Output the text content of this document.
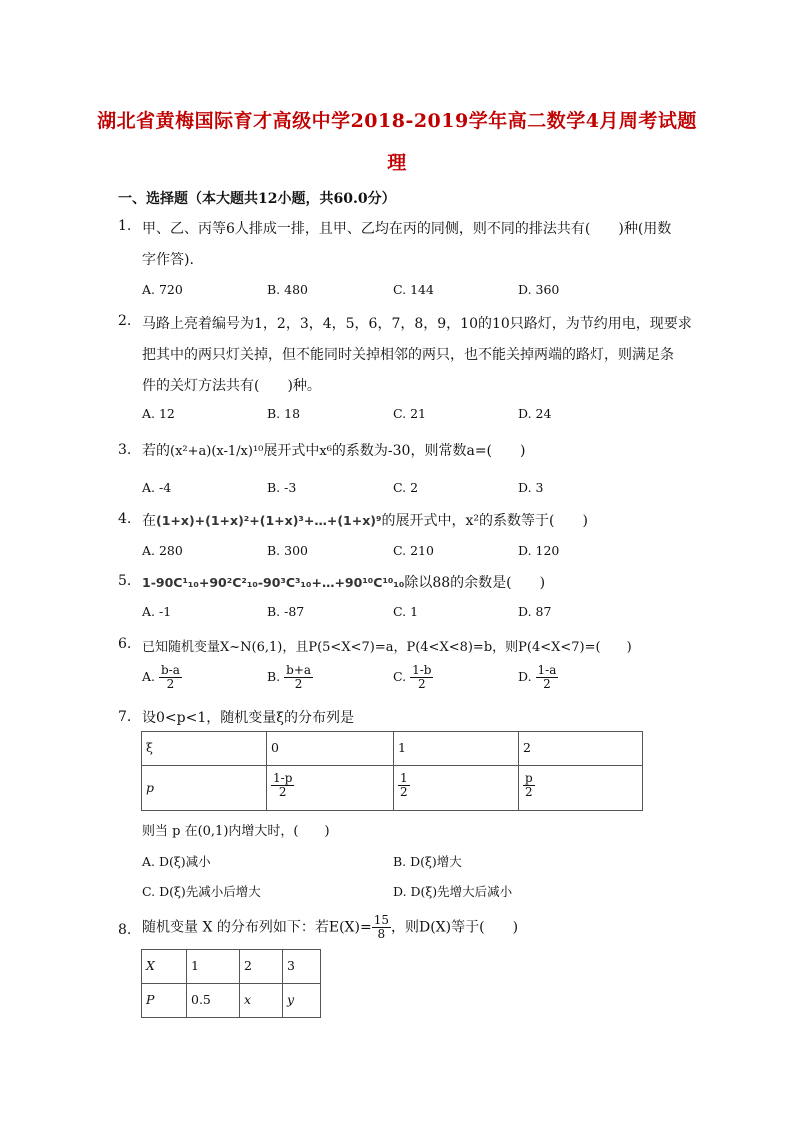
湖北省黄梅国际育才高级中学2018-2019学年高二数学4月周考试题
理
一、选择题（本大题共12小题，共60.0分）
1. 甲、乙、丙等6人排成一排，且甲、乙均在丙的同侧，则不同的排法共有(　　)种(用数
字作答).
A. 720	B. 480	C. 144	D. 360
2. 马路上亮着编号为1，2，3，4，5，6，7，8，9，10的10只路灯，为节约用电，现要求
把其中的两只灯关掉，但不能同时关掉相邻的两只，也不能关掉两端的路灯，则满足条
件的关灯方法共有(　　)种。
A. 12	B. 18	C. 21	D. 24
3. 若的(x²+a)(x-1/x)¹⁰展开式中x⁶的系数为-30，则常数a=(　　)
A. -4	B. -3	C. 2	D. 3
4. 在(1+x)+(1+x)²+(1+x)³+…+(1+x)⁹的展开式中，x²的系数等于(　　)
A. 280	B. 300	C. 210	D. 120
5. 1-90C¹₁₀+90²C²₁₀-90³C³₁₀+…+90¹⁰C¹⁰₁₀除以88的余数是(　　)
A. -1	B. -87	C. 1	D. 87
6. 已知随机变量X~N(6,1)，且P(5<X<7)=a，P(4<X<8)=b，则P(4<X<7)=(　　)
A. $\frac{b-a}{2}$	B. $\frac{b+a}{2}$	C. $\frac{1-b}{2}$	D. $\frac{1-a}{2}$
7. 设0<p<1，随机变量ξ的分布列是
ξ	0	1	2
p	$\frac{1-p}{2}$	$\frac{1}{2}$	$\frac{p}{2}$
则当 p 在(0,1)内增大时，(　　)
A. D(ξ)减小	B. D(ξ)增大
C. D(ξ)先减小后增大	D. D(ξ)先增大后减小
8. 随机变量 X 的分布列如下：若$E(X)= \frac{15}{8}$ ，则D(X)等于(　　)
X	1	2	3
P	0.5	x	y
